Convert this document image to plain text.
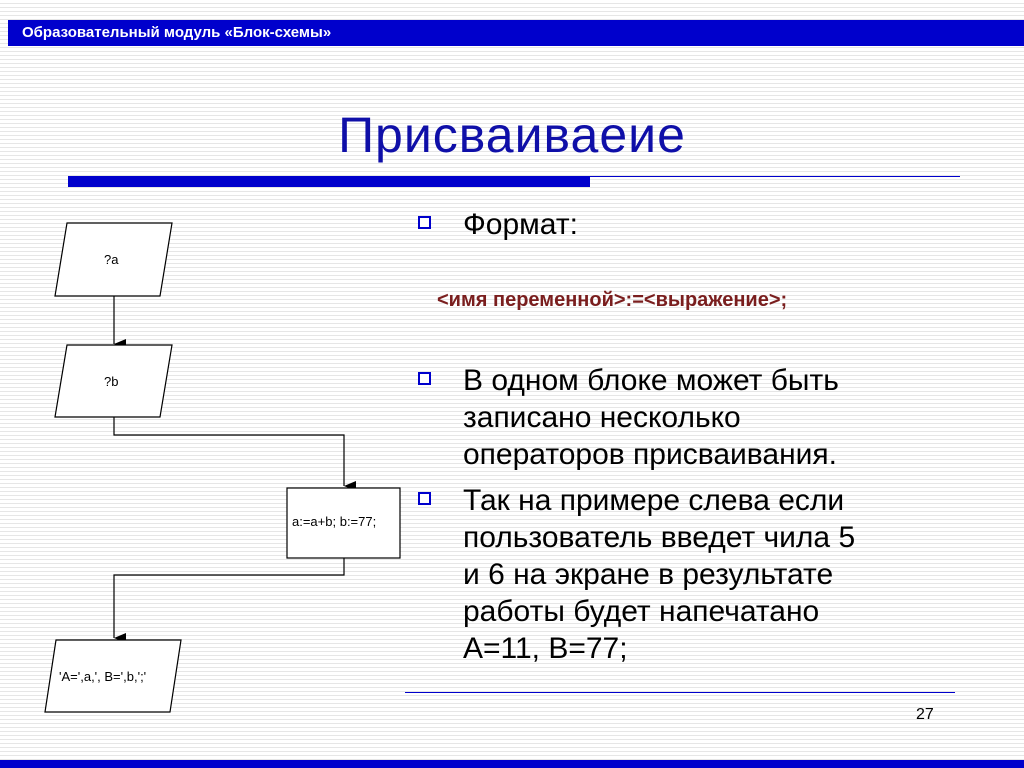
Образовательный модуль «Блок-схемы»
Присваиваеие
?a
?b
a:=a+b; b:=77;
'A=',a,', B=',b,';'
Формат:
<имя переменной>:=<выражение>;
В одном блоке может быть
записано несколько
операторов присваивания.
Так на примере слева если
пользователь введет чила 5
и 6 на экране в результате
работы будет напечатано
A=11, B=77;
27
